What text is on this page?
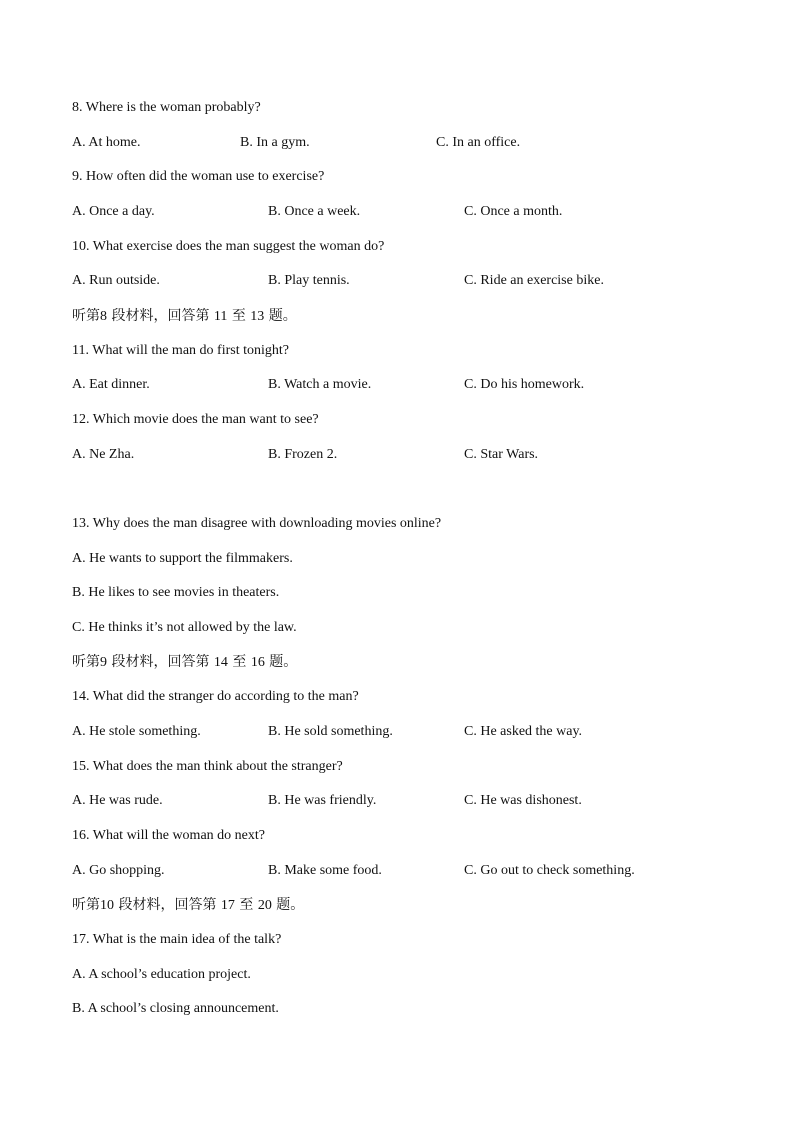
8. Where is the woman probably?
A. At home.	B. In a gym.	C. In an office.
9. How often did the woman use to exercise?
A. Once a day.	B. Once a week.	C. Once a month.
10. What exercise does the man suggest the woman do?
A. Run outside.	B. Play tennis.	C. Ride an exercise bike.
听第8 段材料，回答第 11 至 13 题。
11. What will the man do first tonight?
A. Eat dinner.	B. Watch a movie.	C. Do his homework.
12. Which movie does the man want to see?
A. Ne Zha.	B. Frozen 2.	C. Star Wars.
13. Why does the man disagree with downloading movies online?
A. He wants to support the filmmakers.
B. He likes to see movies in theaters.
C. He thinks it’s not allowed by the law.
听第9 段材料，回答第 14 至 16 题。
14. What did the stranger do according to the man?
A. He stole something.	B. He sold something.	C. He asked the way.
15. What does the man think about the stranger?
A. He was rude.	B. He was friendly.	C. He was dishonest.
16. What will the woman do next?
A. Go shopping.	B. Make some food.	C. Go out to check something.
听第10 段材料，回答第 17 至 20 题。
17. What is the main idea of the talk?
A. A school’s education project.
B. A school’s closing announcement.
